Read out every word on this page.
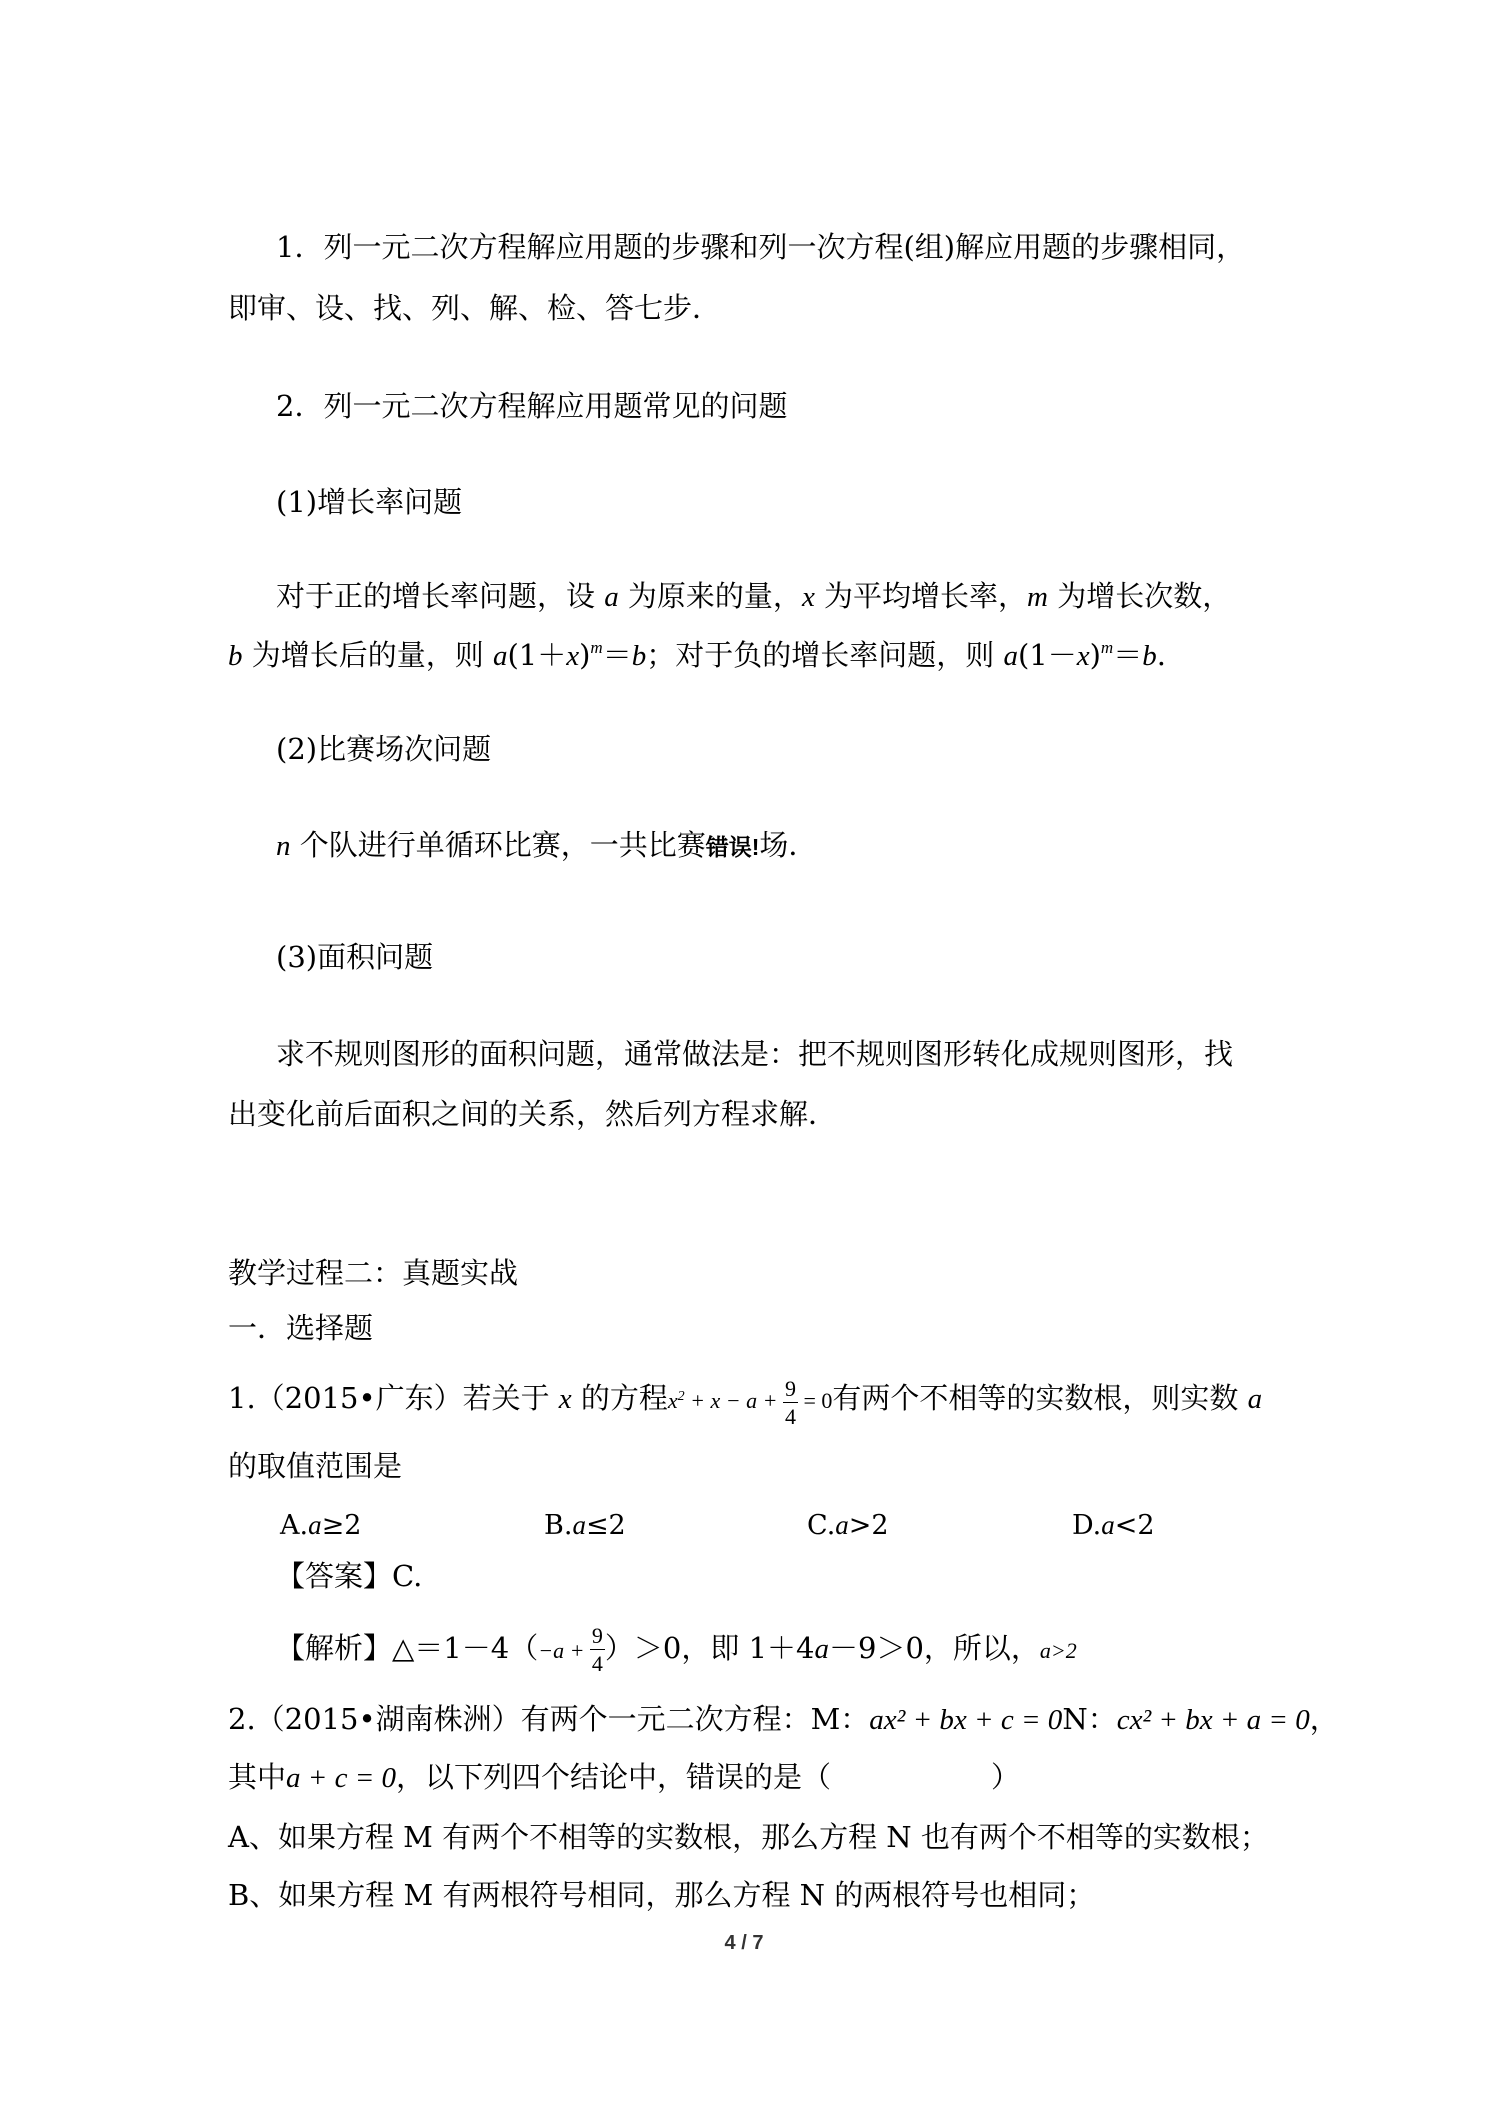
1．列一元二次方程解应用题的步骤和列一次方程(组)解应用题的步骤相同，
即审、设、找、列、解、检、答七步．
2．列一元二次方程解应用题常见的问题
(1)增长率问题
对于正的增长率问题，设 a 为原来的量，x 为平均增长率，m 为增长次数，
b 为增长后的量，则 $a(1+x)^m=b$；对于负的增长率问题，则 $a(1-x)^m=b$.
(2)比赛场次问题
n 个队进行单循环比赛，一共比赛错误!场．
(3)面积问题
求不规则图形的面积问题，通常做法是：把不规则图形转化成规则图形，找
出变化前后面积之间的关系，然后列方程求解．
教学过程二：真题实战
一．选择题
1.（2015•广东）若关于 x 的方程$x^2 + x - a + \frac{9}{4} = 0$有两个不相等的实数根，则实数 a
的取值范围是
A.a≥2	B.a≤2	C.a>2	D.a<2
【答案】C.
【解析】△＝1－4（−a + $\frac{9}{4} )>0$，即 1＋4a－9＞0，所以，a>2
2.（2015•湖南株洲）有两个一元二次方程：M：ax² + bx + c = 0N：cx² + bx + a = 0，
其中a + c = 0，以下列四个结论中，错误的是（	）
A、如果方程 M 有两个不相等的实数根，那么方程 N 也有两个不相等的实数根；
B、如果方程 M 有两根符号相同，那么方程 N 的两根符号也相同；
4 / 7
